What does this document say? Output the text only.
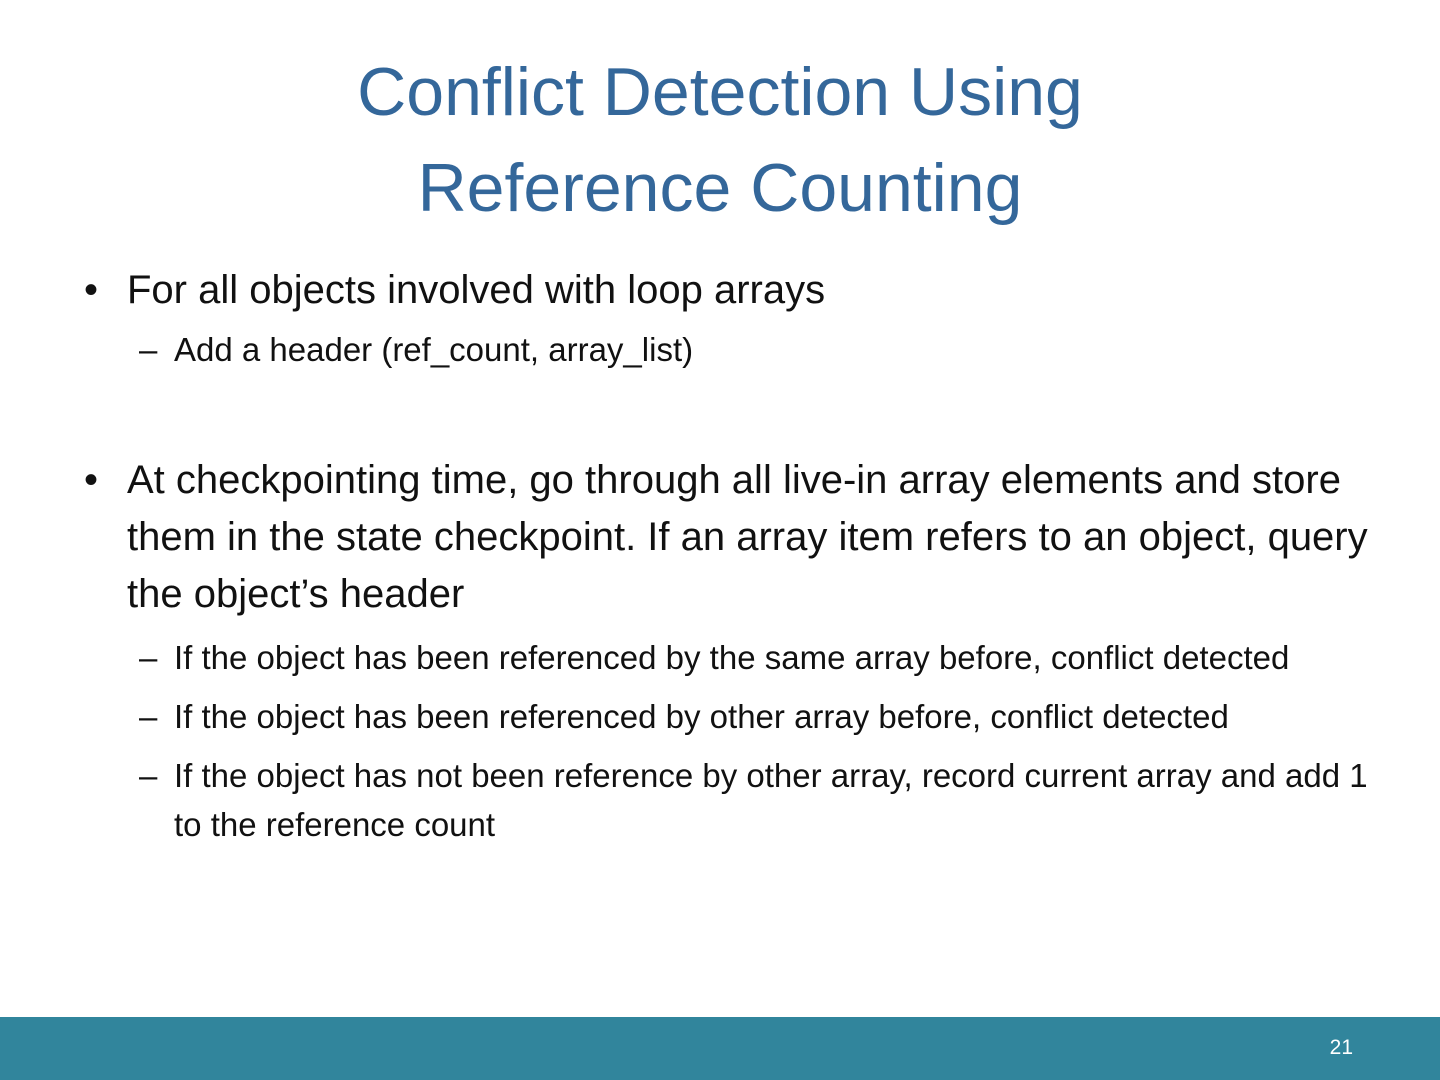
Conflict Detection Using
Reference Counting
• For all objects involved with loop arrays
– Add a header (ref_count, array_list)
• At checkpointing time, go through all live-in array elements and store them in the state checkpoint. If an array item refers to an object, query the object’s header
– If the object has been referenced by the same array before, conflict detected
– If the object has been referenced by other array before, conflict detected
– If the object has not been reference by other array, record current array and add 1 to the reference count
21
